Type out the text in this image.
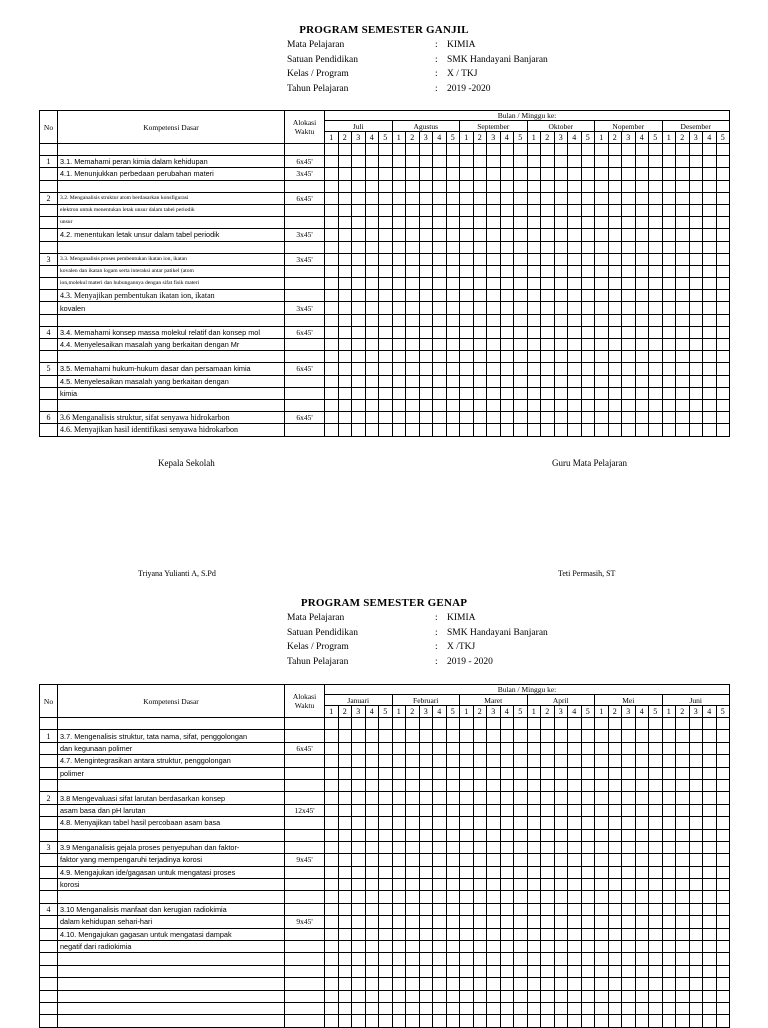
PROGRAM SEMESTER GANJIL
Mata Pelajaran	: KIMIA
Satuan Pendidikan	: SMK Handayani Banjaran
Kelas / Program	: X / TKJ
Tahun Pelajaran	: 2019 -2020
No	Kompetensi Dasar	Alokasi
Waktu	Bulan / Minggu ke:																													
			Juli					Agustus					September					Oktober					Nopember					Desember				
			1	2	3	4	5	1	2	3	4	5	1	2	3	4	5	1	2	3	4	5	1	2	3	4	5	1	2	3	4	5

1	3.1. Memahami peran kimia dalam kehidupan	6x45'																														
	4.1. Menunjukkan perbedaan perubahan materi	3x45'																														

2	3.2. Menganalisis struktur atom berdasarkan konsfigurasi	6x45'																														
	elektron untuk menentukan letak unsur dalam tabel periodik																															
	unsur																															
	4.2. menentukan letak unsur dalam tabel periodik	3x45'																														

3	3.3. Menganalisis proses pembentukan ikatan ion, ikatan	3x45'																														
	kovalen dan ikatan logam serta interaksi antar patikel (atom																															
	ion,molekul materi dan hubungannya dengan sifat fisik materi																															
	4.3. Menyajikan pembentukan ikatan ion, ikatan																															
	kovalen	3x45'																														

4	3.4. Memahami konsep massa molekul relatif dan konsep mol	6x45'																														
	4.4. Menyelesaikan masalah yang berkaitan dengan Mr																															

5	3.5. Memahami hukum-hukum dasar dan persamaan kimia	6x45'																														
	4.5. Menyelesaikan masalah yang berkaitan dengan																															
	kimia																															

6	3.6 Menganalisis struktur, sifat senyawa hidrokarbon	6x45'																														
	4.6. Menyajikan hasil identifikasi senyawa hidrokarbon																															
Kepala Sekolah	Guru Mata Pelajaran
Triyana Yulianti A, S.Pd	Teti Permasih, ST
PROGRAM SEMESTER GENAP
Mata Pelajaran	: KIMIA
Satuan Pendidikan	: SMK Handayani Banjaran
Kelas / Program	: X /TKJ
Tahun Pelajaran	: 2019 - 2020
No	Kompetensi Dasar	Alokasi
Waktu	Bulan / Minggu ke:																													
			Januari					Februari					Maret					April					Mei					Juni				
			1	2	3	4	5	1	2	3	4	5	1	2	3	4	5	1	2	3	4	5	1	2	3	4	5	1	2	3	4	5

1	3.7. Mengenalisis struktur, tata nama, sifat, penggolongan																															
	dan kegunaan polimer	6x45'																														
	4.7. Mengintegrasikan antara struktur, penggolongan																															
	polimer																															

2	3.8 Mengevaluasi sifat larutan berdasarkan konsep																															
	asam basa dan pH larutan	12x45'																														
	4.8. Menyajikan tabel hasil percobaan asam basa																															

3	3.9 Menganalisis gejala proses penyepuhan dan faktor-																															
	faktor yang mempengaruhi terjadinya korosi	9x45'																														
	4.9. Mengajukan ide/gagasan untuk mengatasi proses																															
	korosi																															

4	3.10 Menganalisis manfaat dan kerugian radiokimia																															
	dalam kehidupan sehari-hari	9x45'																														
	4.10. Mengajukan gagasan untuk mengatasi dampak																															
	negatif dari radiokimia																															
